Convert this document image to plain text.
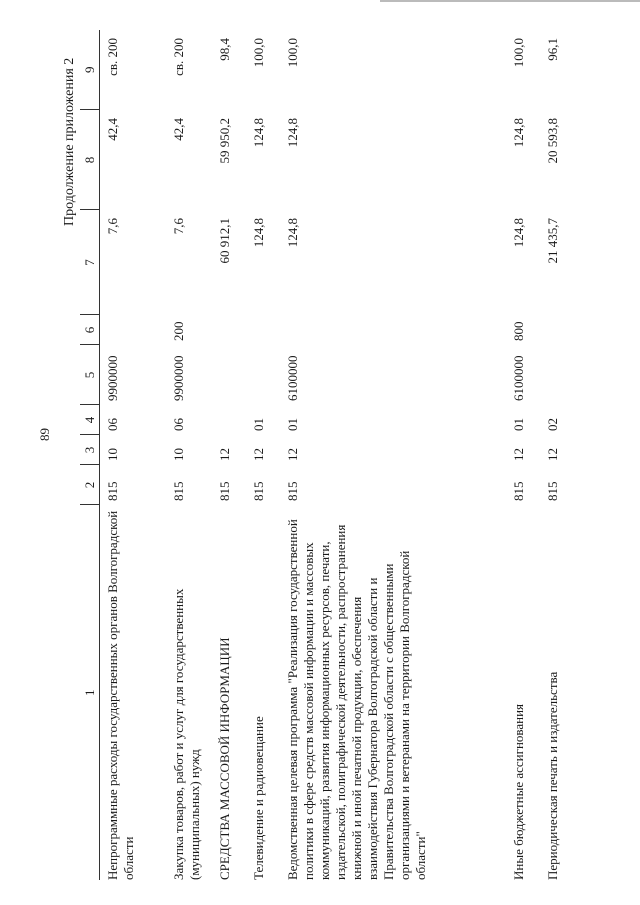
89
Продолжение приложения 2
1	2	3	4	5	6	7	8	9
Непрограммные расходы государственных органов Волгоградской области	815	10	06	9900000		7,6	42,4	св. 200
Закупка товаров, работ и услуг для государственных (муниципальных) нужд	815	10	06	9900000	200	7,6	42,4	св. 200
СРЕДСТВА МАССОВОЙ ИНФОРМАЦИИ	815	12				60 912,1	59 950,2	98,4
Телевидение и радиовещание	815	12	01			124,8	124,8	100,0
Ведомственная целевая программа "Реализация государственной политики в сфере средств массовой информации и массовых коммуникаций, развития информационных ресурсов, печати, издательской, полиграфической деятельности, распространения книжной и иной печатной продукции, обеспечения взаимодействия Губернатора Волгоградской области и Правительства Волгоградской области с общественными организациями и ветеранами на территории Волгоградской области"	815	12	01	6100000		124,8	124,8	100,0
Иные бюджетные ассигнования	815	12	01	6100000	800	124,8	124,8	100,0
Периодическая печать и издательства	815	12	02			21 435,7	20 593,8	96,1
